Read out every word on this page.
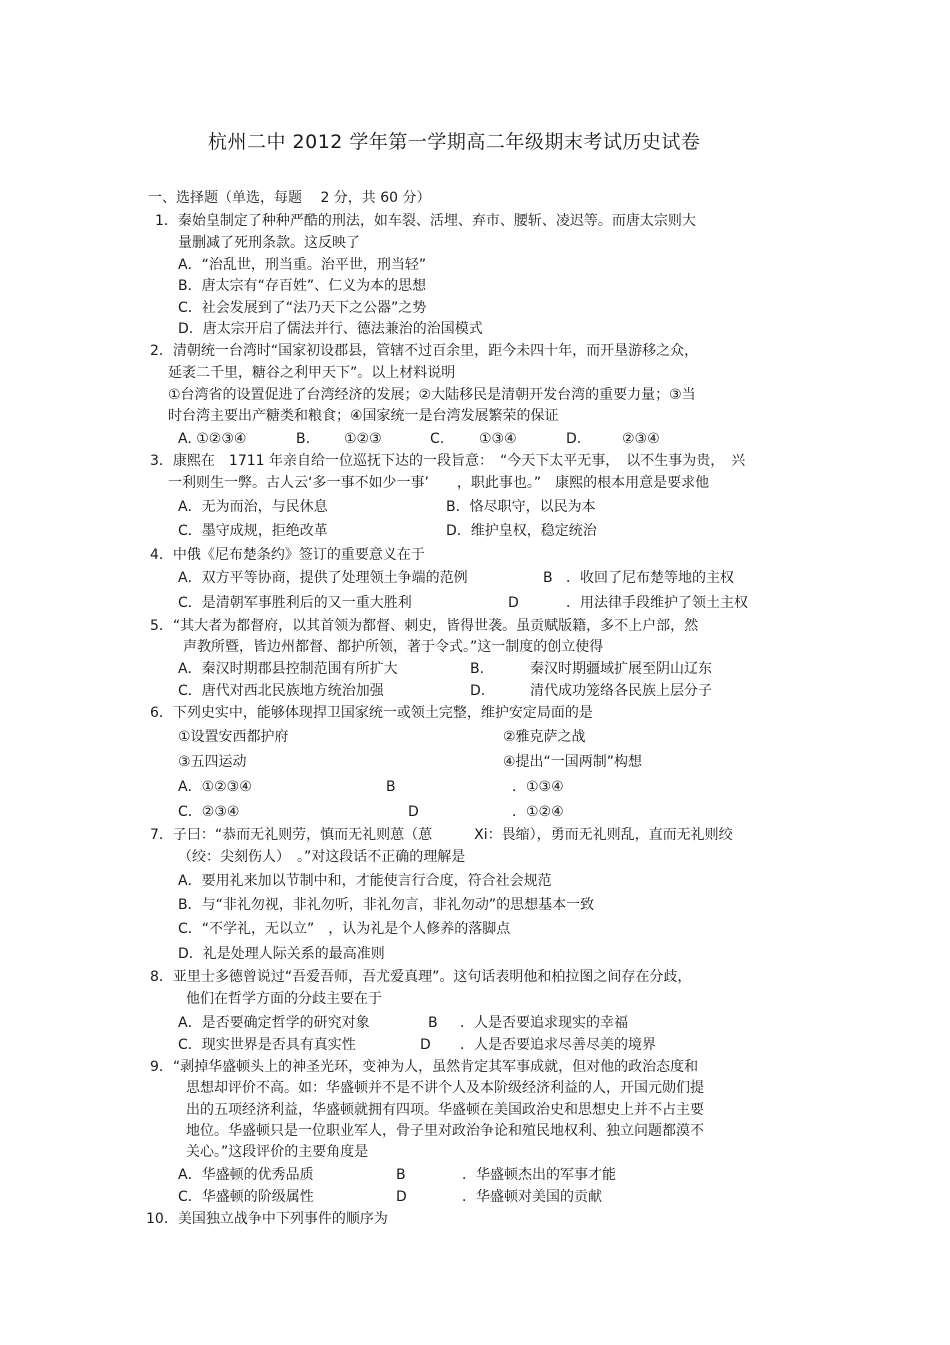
杭州二中 2012 学年第一学期高二年级期末考试历史试卷
一、选择题（单选，每题　 2 分，共 60 分）
1．秦始皇制定了种种严酷的刑法，如车裂、活埋、弃市、腰斩、凌迟等。而唐太宗则大
量删减了死刑条款。这反映了
A．“治乱世，刑当重。治平世，刑当轻”
B．唐太宗有“存百姓”、仁义为本的思想
C．社会发展到了“法乃天下之公器”之势
D．唐太宗开启了儒法并行、德法兼治的治国模式
2．清朝统一台湾时“国家初设郡县，管辖不过百余里，距今未四十年，而开垦游移之众，
延袤二千里，糖谷之利甲天下”。以上材料说明
①台湾省的设置促进了台湾经济的发展；②大陆移民是清朝开发台湾的重要力量；③当
时台湾主要出产糖类和粮食；④国家统一是台湾发展繁荣的保证
A. ①②③④	B. ①②③	C. ①③④	D.	②③④
3．康熙在　1711 年亲自给一位巡抚下达的一段旨意：　“今天下太平无事，　以不生事为贵，　兴
一利则生一弊。古人云‘多一事不如少一事’　　，职此事也。”　康熙的根本用意是要求他
A．无为而治，与民休息	B．恪尽职守，以民为本
C．墨守成规，拒绝改革	D．维护皇权，稳定统治
4．中俄《尼布楚条约》签订的重要意义在于
A．双方平等协商，提供了处理领土争端的范例	B ．收回了尼布楚等地的主权
C．是清朝军事胜利后的又一重大胜利	D	．用法律手段维护了领土主权
5．“其大者为都督府，以其首领为都督、刺史，皆得世袭。虽贡赋版籍，多不上户部，然
声教所暨，皆边州都督、都护所领，著于令式。”这一制度的创立使得
A．秦汉时期郡县控制范围有所扩大	B.	秦汉时期疆域扩展至阴山辽东
C．唐代对西北民族地方统治加强	D.	清代成功笼络各民族上层分子
6．下列史实中，能够体现捍卫国家统一或领土完整，维护安定局面的是
①设置安西都护府	②雅克萨之战
③五四运动	④提出“一国两制”构想
A．①②③④	B	．①③④
C．②③④	D	．①②④
7．子曰：“恭而无礼则劳，慎而无礼则葸（葸　　　Xi：畏缩），勇而无礼则乱，直而无礼则绞
（绞：尖刻伤人）　。”对这段话不正确的理解是
A．要用礼来加以节制中和，才能使言行合度，符合社会规范
B．与“非礼勿视，非礼勿听，非礼勿言，非礼勿动”的思想基本一致
C．“不学礼，无以立”　，认为礼是个人修养的落脚点
D．礼是处理人际关系的最高准则
8．亚里士多德曾说过“吾爱吾师，吾尤爱真理”。这句话表明他和柏拉图之间存在分歧，
他们在哲学方面的分歧主要在于
A．是否要确定哲学的研究对象	B ．人是否要追求现实的幸福
C．现实世界是否具有真实性	D ．人是否要追求尽善尽美的境界
9．“剥掉华盛顿头上的神圣光环，变神为人，虽然肯定其军事成就，但对他的政治态度和
思想却评价不高。如：华盛顿并不是不讲个人及本阶级经济利益的人，开国元勋们提
出的五项经济利益，华盛顿就拥有四项。华盛顿在美国政治史和思想史上并不占主要
地位。华盛顿只是一位职业军人，骨子里对政治争论和殖民地权利、独立问题都漠不
关心。”这段评价的主要角度是
A．华盛顿的优秀品质	B	．华盛顿杰出的军事才能
C．华盛顿的阶级属性	D	．华盛顿对美国的贡献
10．美国独立战争中下列事件的顺序为
